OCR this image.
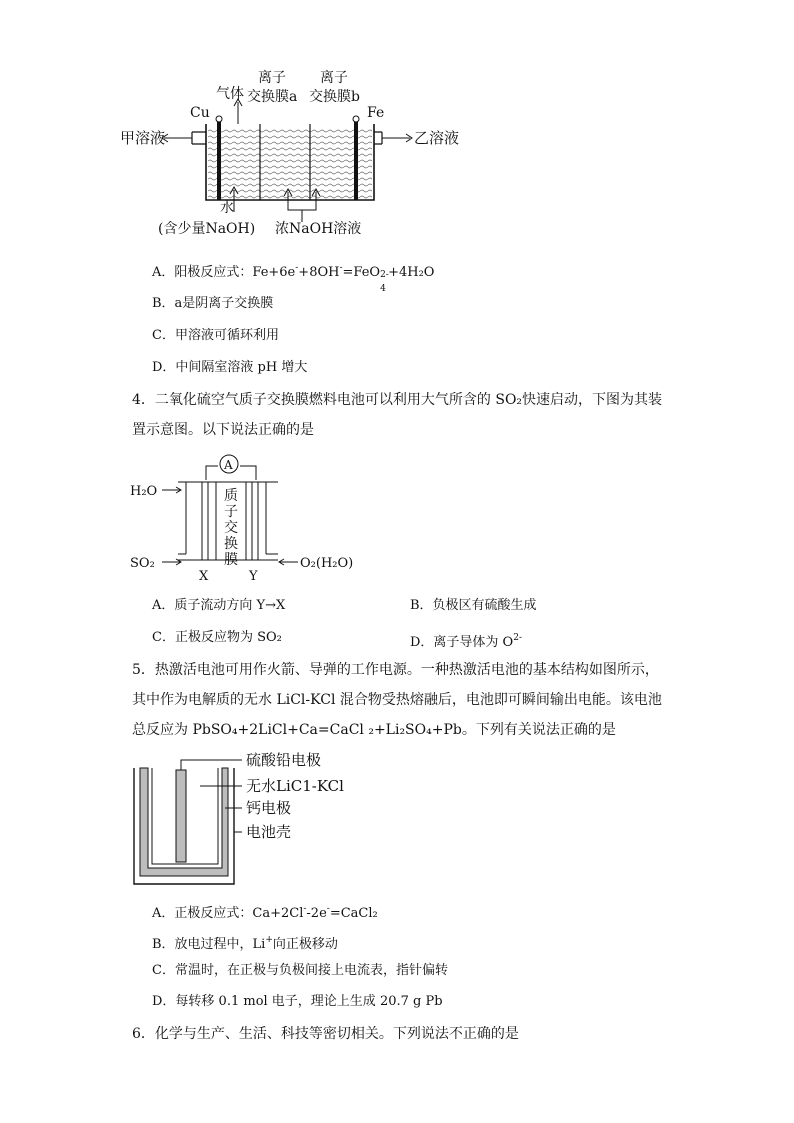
气体
离子
交换膜a
离子
交换膜b
Cu	Fe
甲溶液	乙溶液
水
(含少量NaOH) 浓NaOH溶液
A．阳极反应式：Fe+6e-+8OH-=FeO 2-
4
+4H₂O
B．a是阴离子交换膜
C．甲溶液可循环利用
D．中间隔室溶液 pH 增大
4．二氧化硫空气质子交换膜燃料电池可以利用大气所含的 SO₂快速启动，下图为其装
置示意图。以下说法正确的是
A
质
子
交
换
膜
H₂O
SO₂	O₂(H₂O)
X	Y
A．质子流动方向 Y→X	B．负极区有硫酸生成
C．正极反应物为 SO₂	D．离子导体为 $O^{2-}$
5．热激活电池可用作火箭、导弹的工作电源。一种热激活电池的基本结构如图所示，
其中作为电解质的无水 LiCl-KCl 混合物受热熔融后，电池即可瞬间输出电能。该电池
总反应为 PbSO₄+2LiCl+Ca=CaCl ₂+Li₂SO₄+Pb。下列有关说法正确的是
硫酸铅电极
无水LiC1-KCl
钙电极
电池壳
A．正极反应式：Ca+2Cl--2e-=CaCl₂
B．放电过程中，Li+向正极移动
C．常温时，在正极与负极间接上电流表，指针偏转
D．每转移 0.1 mol 电子，理论上生成 20.7 g Pb
6．化学与生产、生活、科技等密切相关。下列说法不正确的是
